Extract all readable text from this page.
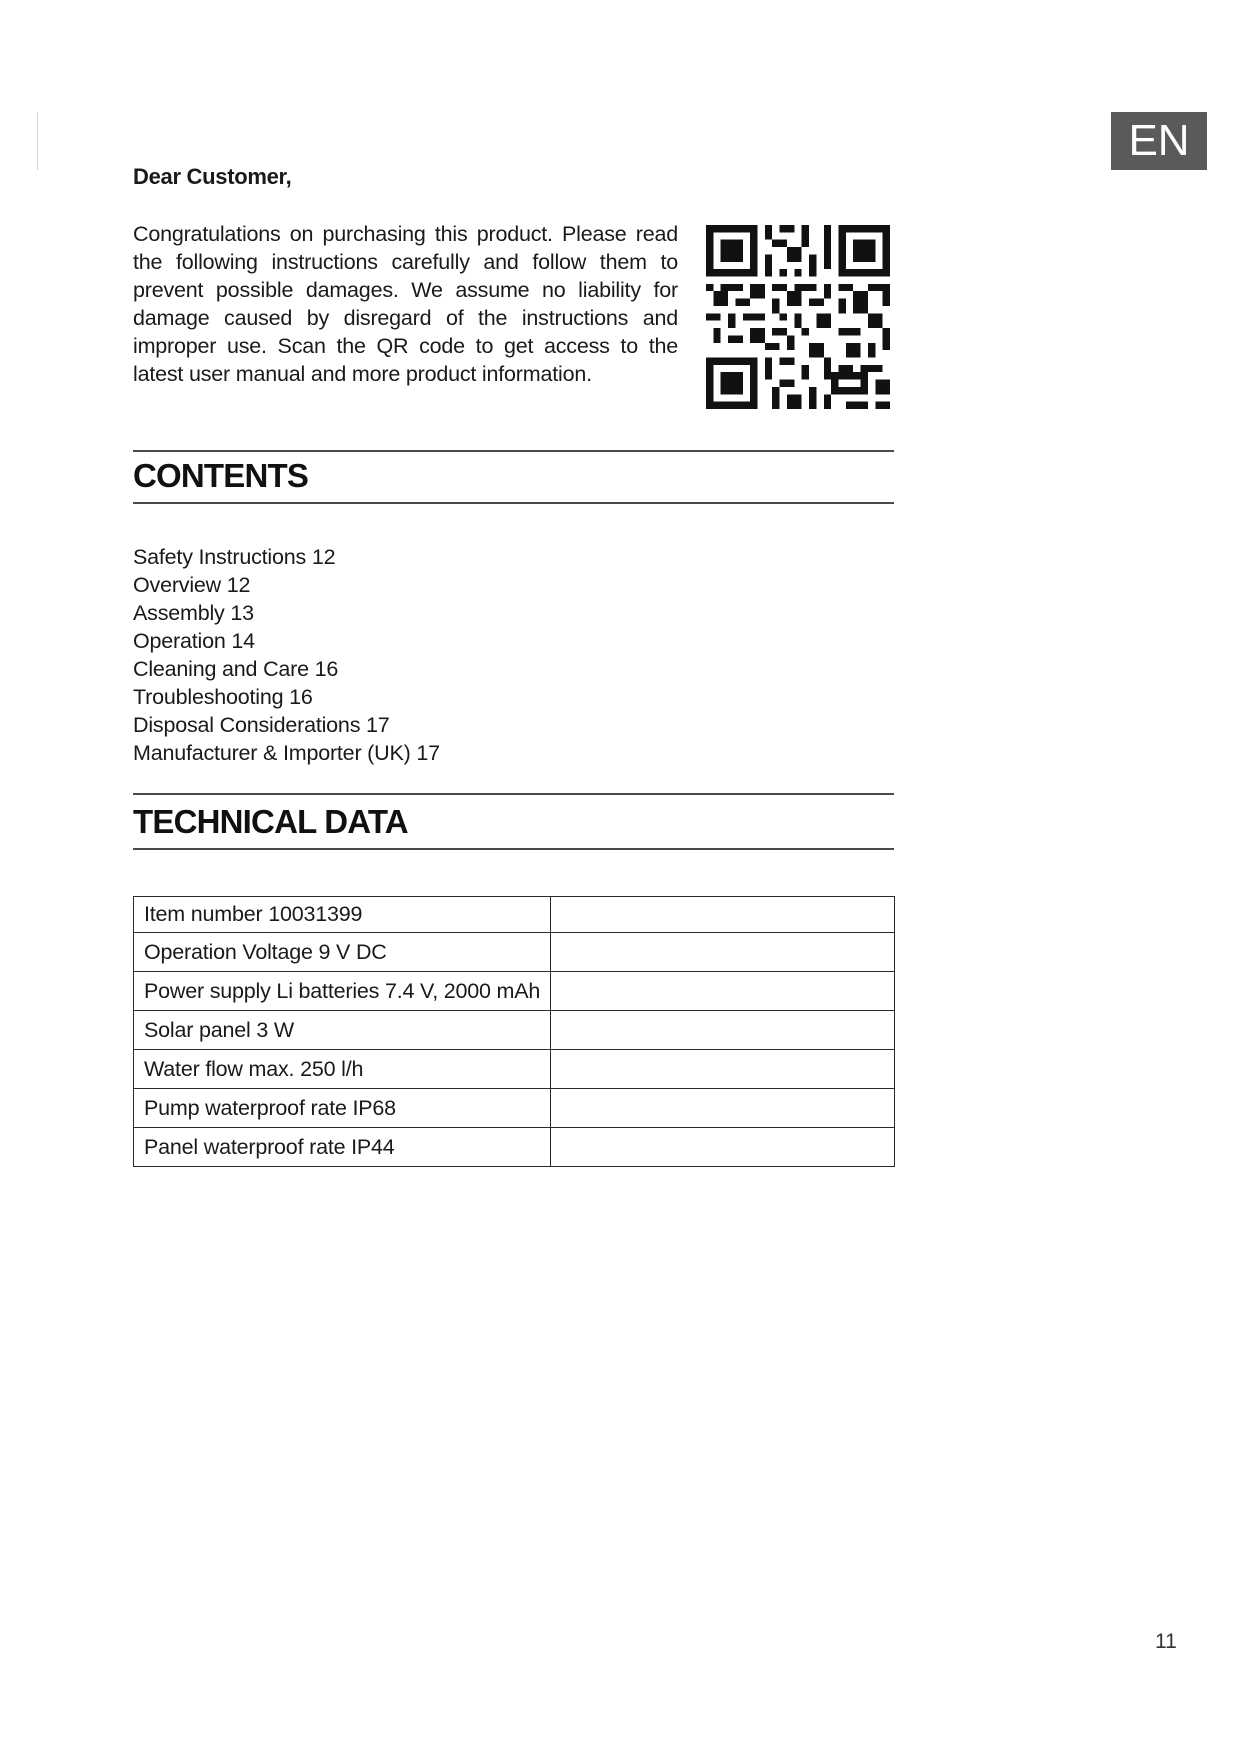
EN
Dear Customer,

Congratulations on purchasing this product. Please read the following instructions carefully and follow them to prevent possible damages. We assume no liability for damage caused by disregard of the instructions and improper use. Scan the QR code to get access to the latest user manual and more product information.

CONTENTS
Safety Instructions 12
Overview 12
Assembly 13
Operation 14
Cleaning and Care 16
Troubleshooting 16
Disposal Considerations 17
Manufacturer & Importer (UK) 17
TECHNICAL DATA
Item number 10031399	
Operation Voltage 9 V DC	
Power supply Li batteries 7.4 V, 2000 mAh	
Solar panel 3 W	
Water flow max. 250 l/h	
Pump waterproof rate IP68	
Panel waterproof rate IP44	
11
